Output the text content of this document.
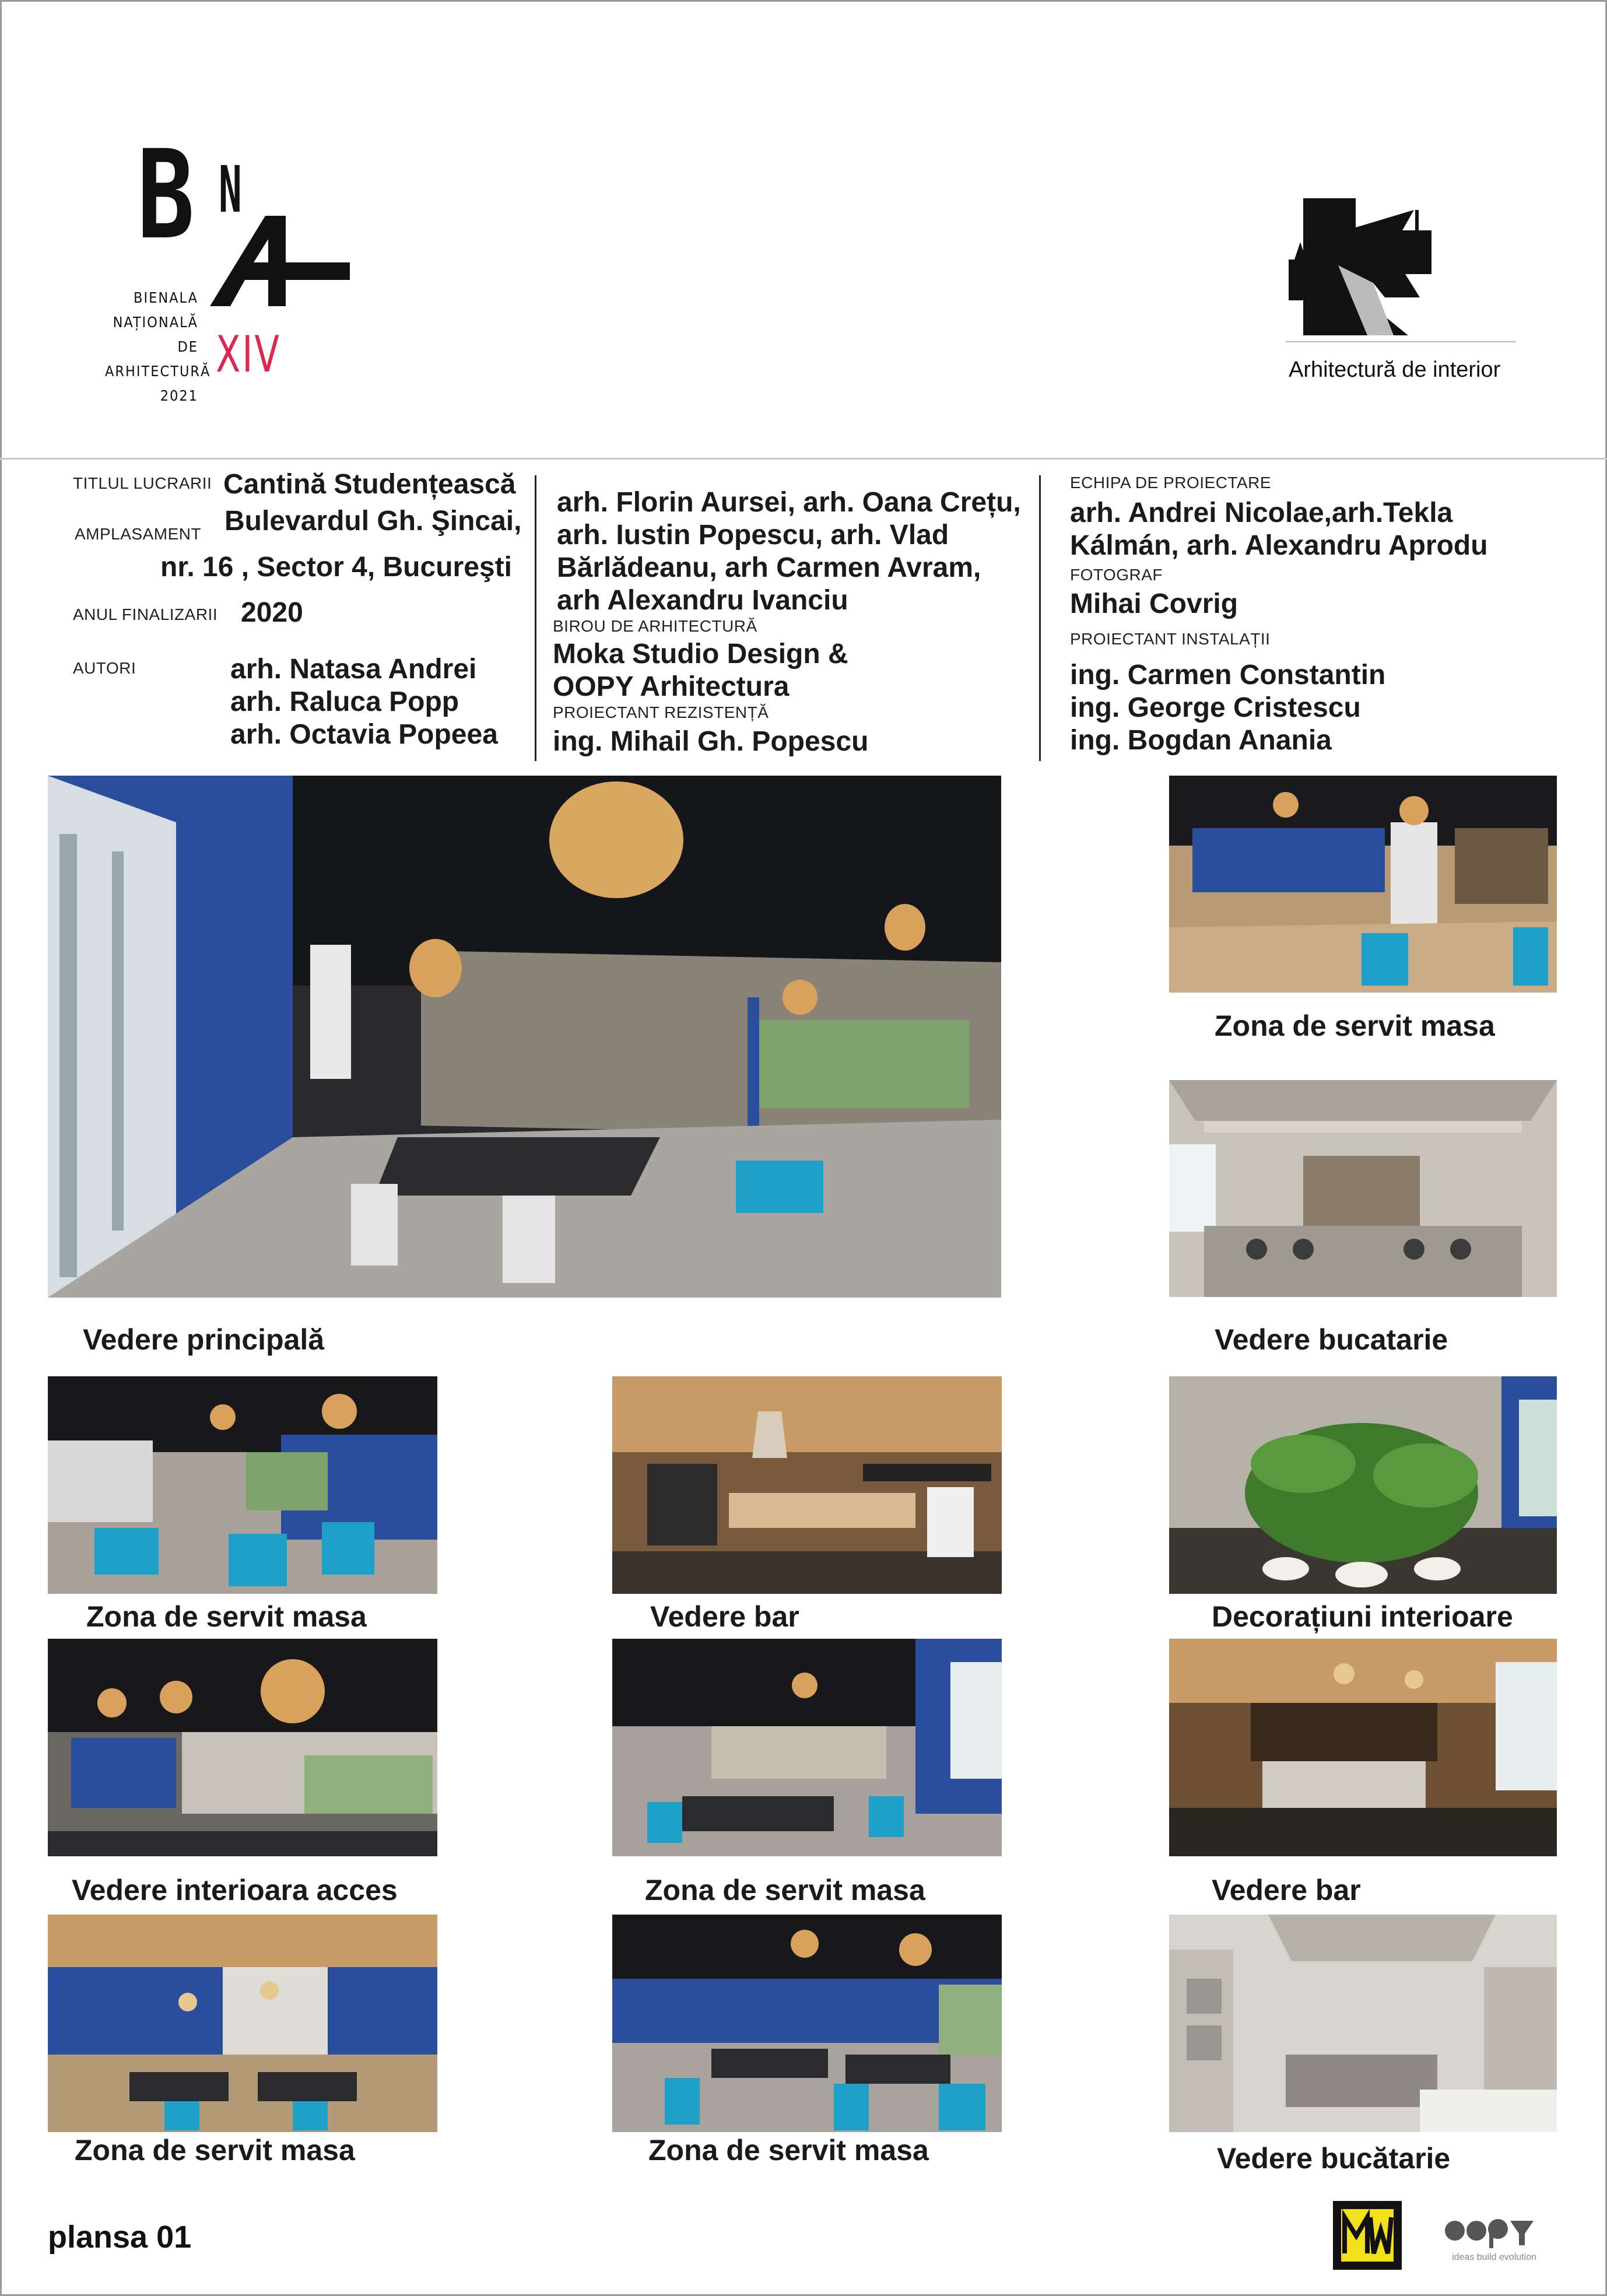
B N
BIENALA
NAȚIONALĂ
DE
ARHITECTURĂ
2021
XIV	Arhitectură de interior
TITLUL LUCRARII Cantină Studențească
AMPLASAMENT Bulevardul Gh. Şincai,
nr. 16 , Sector 4, Bucureşti
ANUL FINALIZARII 2020
AUTORI	arh. Natasa Andrei
arh. Raluca Popp
arh. Octavia Popeea
arh. Florin Aursei, arh. Oana Crețu,
arh. Iustin Popescu, arh. Vlad
Bărlădeanu, arh Carmen Avram,
arh Alexandru Ivanciu
BIROU DE ARHITECTURĂ
Moka Studio Design &
OOPY Arhitectura
PROIECTANT REZISTENȚĂ
ing. Mihail Gh. Popescu
ECHIPA DE PROIECTARE
arh. Andrei Nicolae,arh.Tekla
Kálmán, arh. Alexandru Aprodu
FOTOGRAF
Mihai Covrig
PROIECTANT INSTALAȚII
ing. Carmen Constantin
ing. George Cristescu
ing. Bogdan Anania
Vedere principală
Zona de servit masa
Vedere bucatarie
Zona de servit masa	Vedere bar	Decorațiuni interioare
Vedere interioara acces	Zona de servit masa	Vedere bar
Zona de servit masa	Zona de servit masa	Vedere bucătarie
plansa 01
ideas build evolution
